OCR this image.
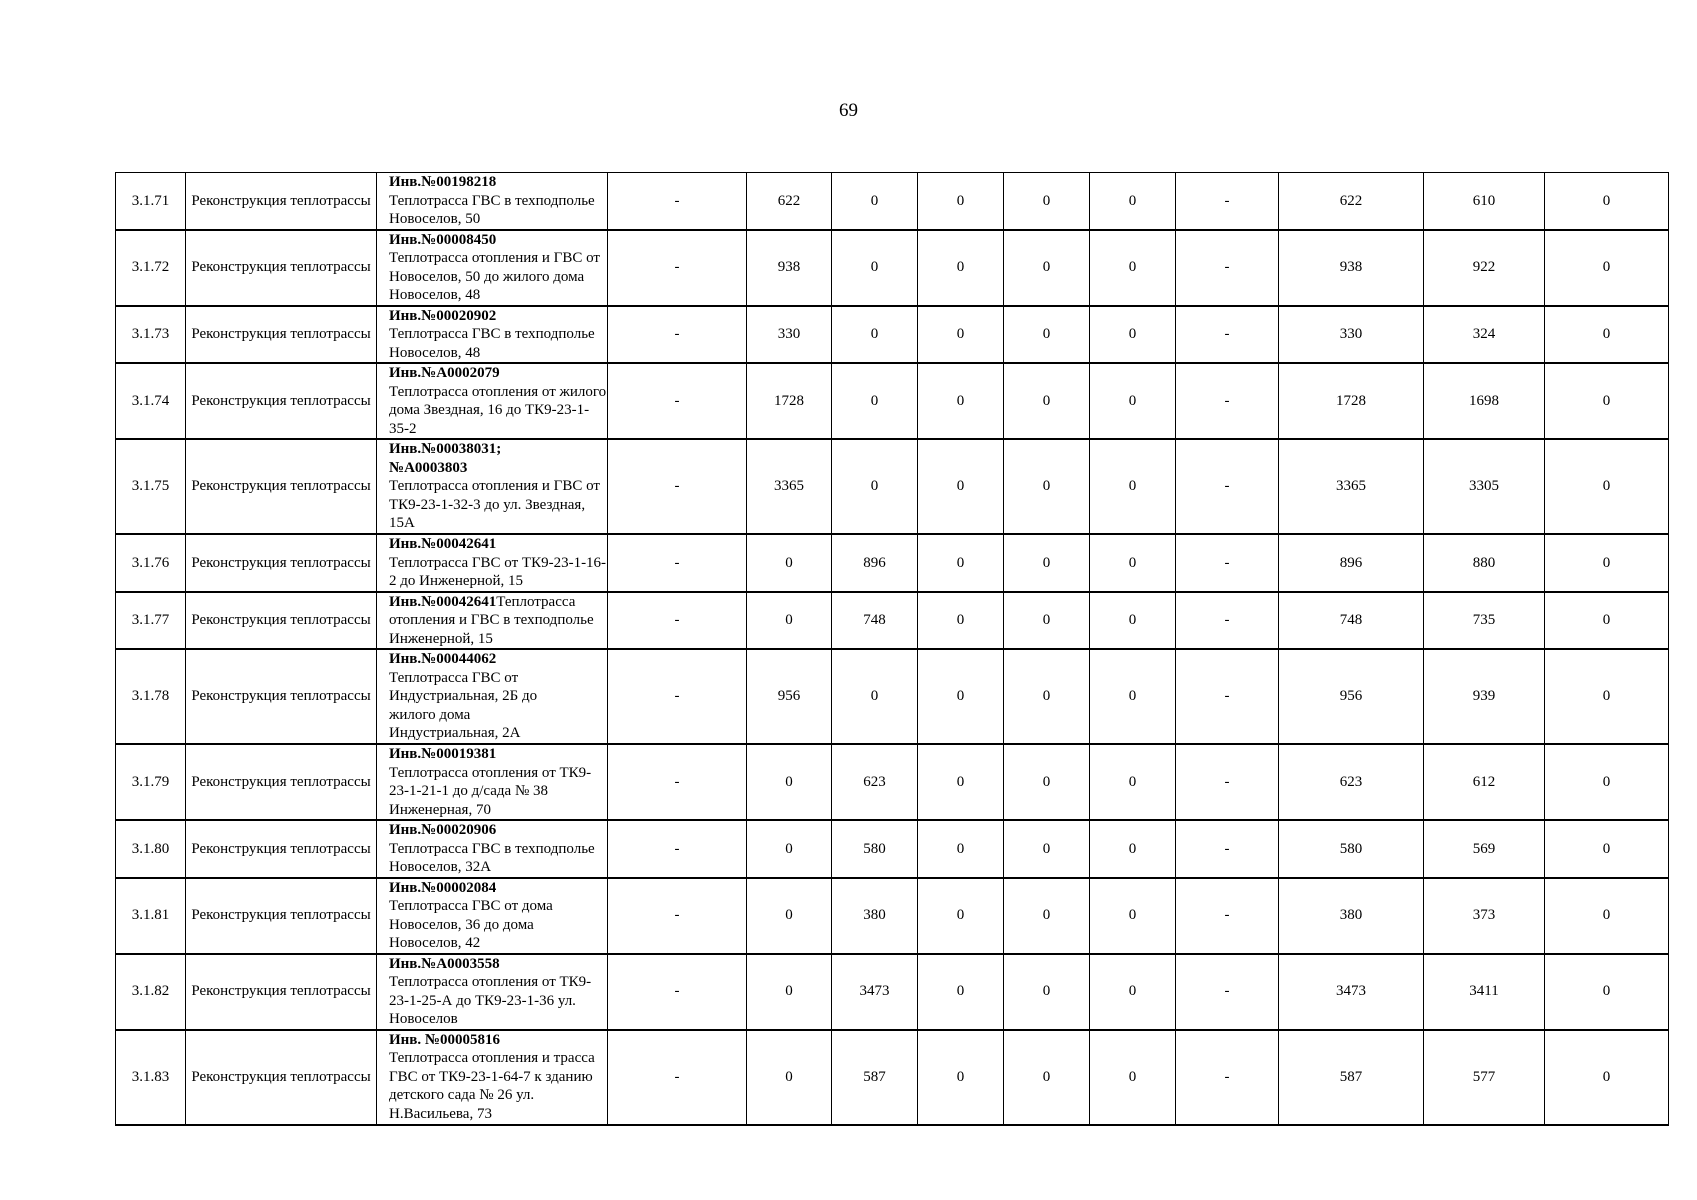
69
3.1.71	Реконструкция теплотрассы	Инв.№00198218
Теплотрасса ГВС в техподполье Новоселов, 50	-	622	0	0	0	0	-	622	610	0
3.1.72	Реконструкция теплотрассы	Инв.№00008450
Теплотрасса отопления и ГВС от Новоселов, 50 до жилого дома Новоселов, 48	-	938	0	0	0	0	-	938	922	0
3.1.73	Реконструкция теплотрассы	Инв.№00020902
Теплотрасса ГВС в техподполье Новоселов, 48	-	330	0	0	0	0	-	330	324	0
3.1.74	Реконструкция теплотрассы	Инв.№А0002079
Теплотрасса отопления от жилого дома Звездная, 16 до ТК9-23-1-35-2	-	1728	0	0	0	0	-	1728	1698	0
3.1.75	Реконструкция теплотрассы	Инв.№00038031; №А0003803
Теплотрасса отопления и ГВС от ТК9-23-1-32-3 до ул. Звездная, 15А	-	3365	0	0	0	0	-	3365	3305	0
3.1.76	Реконструкция теплотрассы	Инв.№00042641
Теплотрасса ГВС от ТК9-23-1-16-2 до Инженерной, 15	-	0	896	0	0	0	-	896	880	0
3.1.77	Реконструкция теплотрассы	Инв.№00042641Теплотрасса отопления и ГВС в техподполье Инженерной, 15	-	0	748	0	0	0	-	748	735	0
3.1.78	Реконструкция теплотрассы	Инв.№00044062
Теплотрасса ГВС от Индустриальная, 2Б до жилого дома Индустриальная, 2А	-	956	0	0	0	0	-	956	939	0
3.1.79	Реконструкция теплотрассы	Инв.№00019381
Теплотрасса отопления от ТК9-23-1-21-1 до д/сада № 38 Инженерная, 70	-	0	623	0	0	0	-	623	612	0
3.1.80	Реконструкция теплотрассы	Инв.№00020906
Теплотрасса ГВС в техподполье Новоселов, 32А	-	0	580	0	0	0	-	580	569	0
3.1.81	Реконструкция теплотрассы	Инв.№00002084
Теплотрасса ГВС от дома Новоселов, 36 до дома Новоселов, 42	-	0	380	0	0	0	-	380	373	0
3.1.82	Реконструкция теплотрассы	Инв.№А0003558
Теплотрасса отопления от ТК9-23-1-25-А до ТК9-23-1-36 ул. Новоселов	-	0	3473	0	0	0	-	3473	3411	0
3.1.83	Реконструкция теплотрассы	Инв. №00005816
Теплотрасса отопления и трасса ГВС от ТК9-23-1-64-7 к зданию детского сада № 26 ул. Н.Васильева, 73	-	0	587	0	0	0	-	587	577	0
